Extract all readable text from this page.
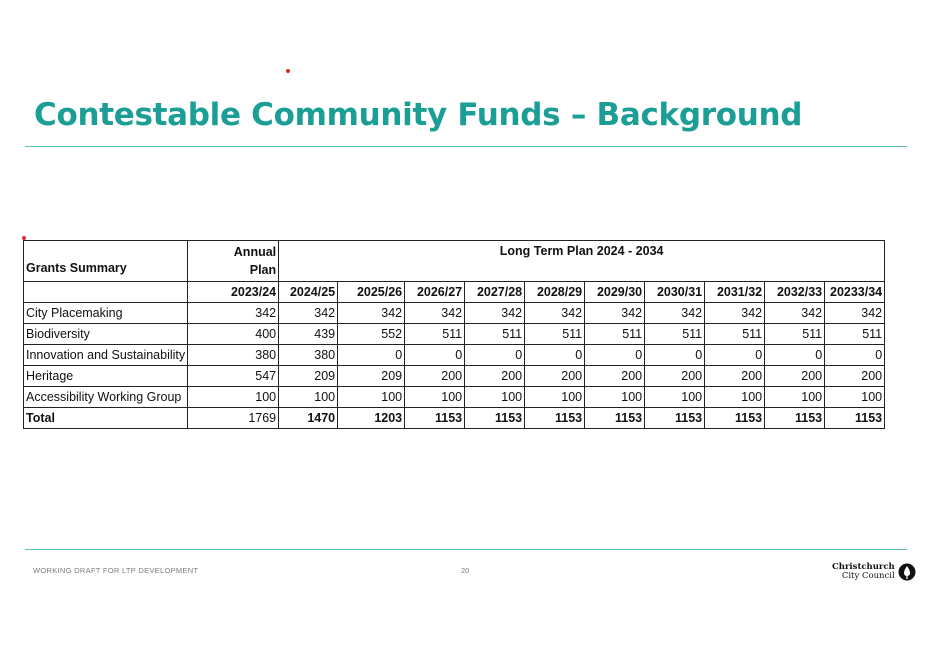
Contestable Community Funds – Background
Grants Summary	Annual Plan	Long Term Plan 2024 - 2034									

	2023/24	2024/25	2025/26	2026/27	2027/28	2028/29	2029/30	2030/31	2031/32	2032/33	20233/34
City Placemaking	342	342	342	342	342	342	342	342	342	342	342
Biodiversity	400	439	552	511	511	511	511	511	511	511	511
Innovation and Sustainability	380	380	0	0	0	0	0	0	0	0	0
Heritage	547	209	209	200	200	200	200	200	200	200	200
Accessibility Working Group	100	100	100	100	100	100	100	100	100	100	100
Total	1769	1470	1203	1153	1153	1153	1153	1153	1153	1153	1153
WORKING DRAFT FOR LTP DEVELOPMENT	20	Christchurch
City Council
